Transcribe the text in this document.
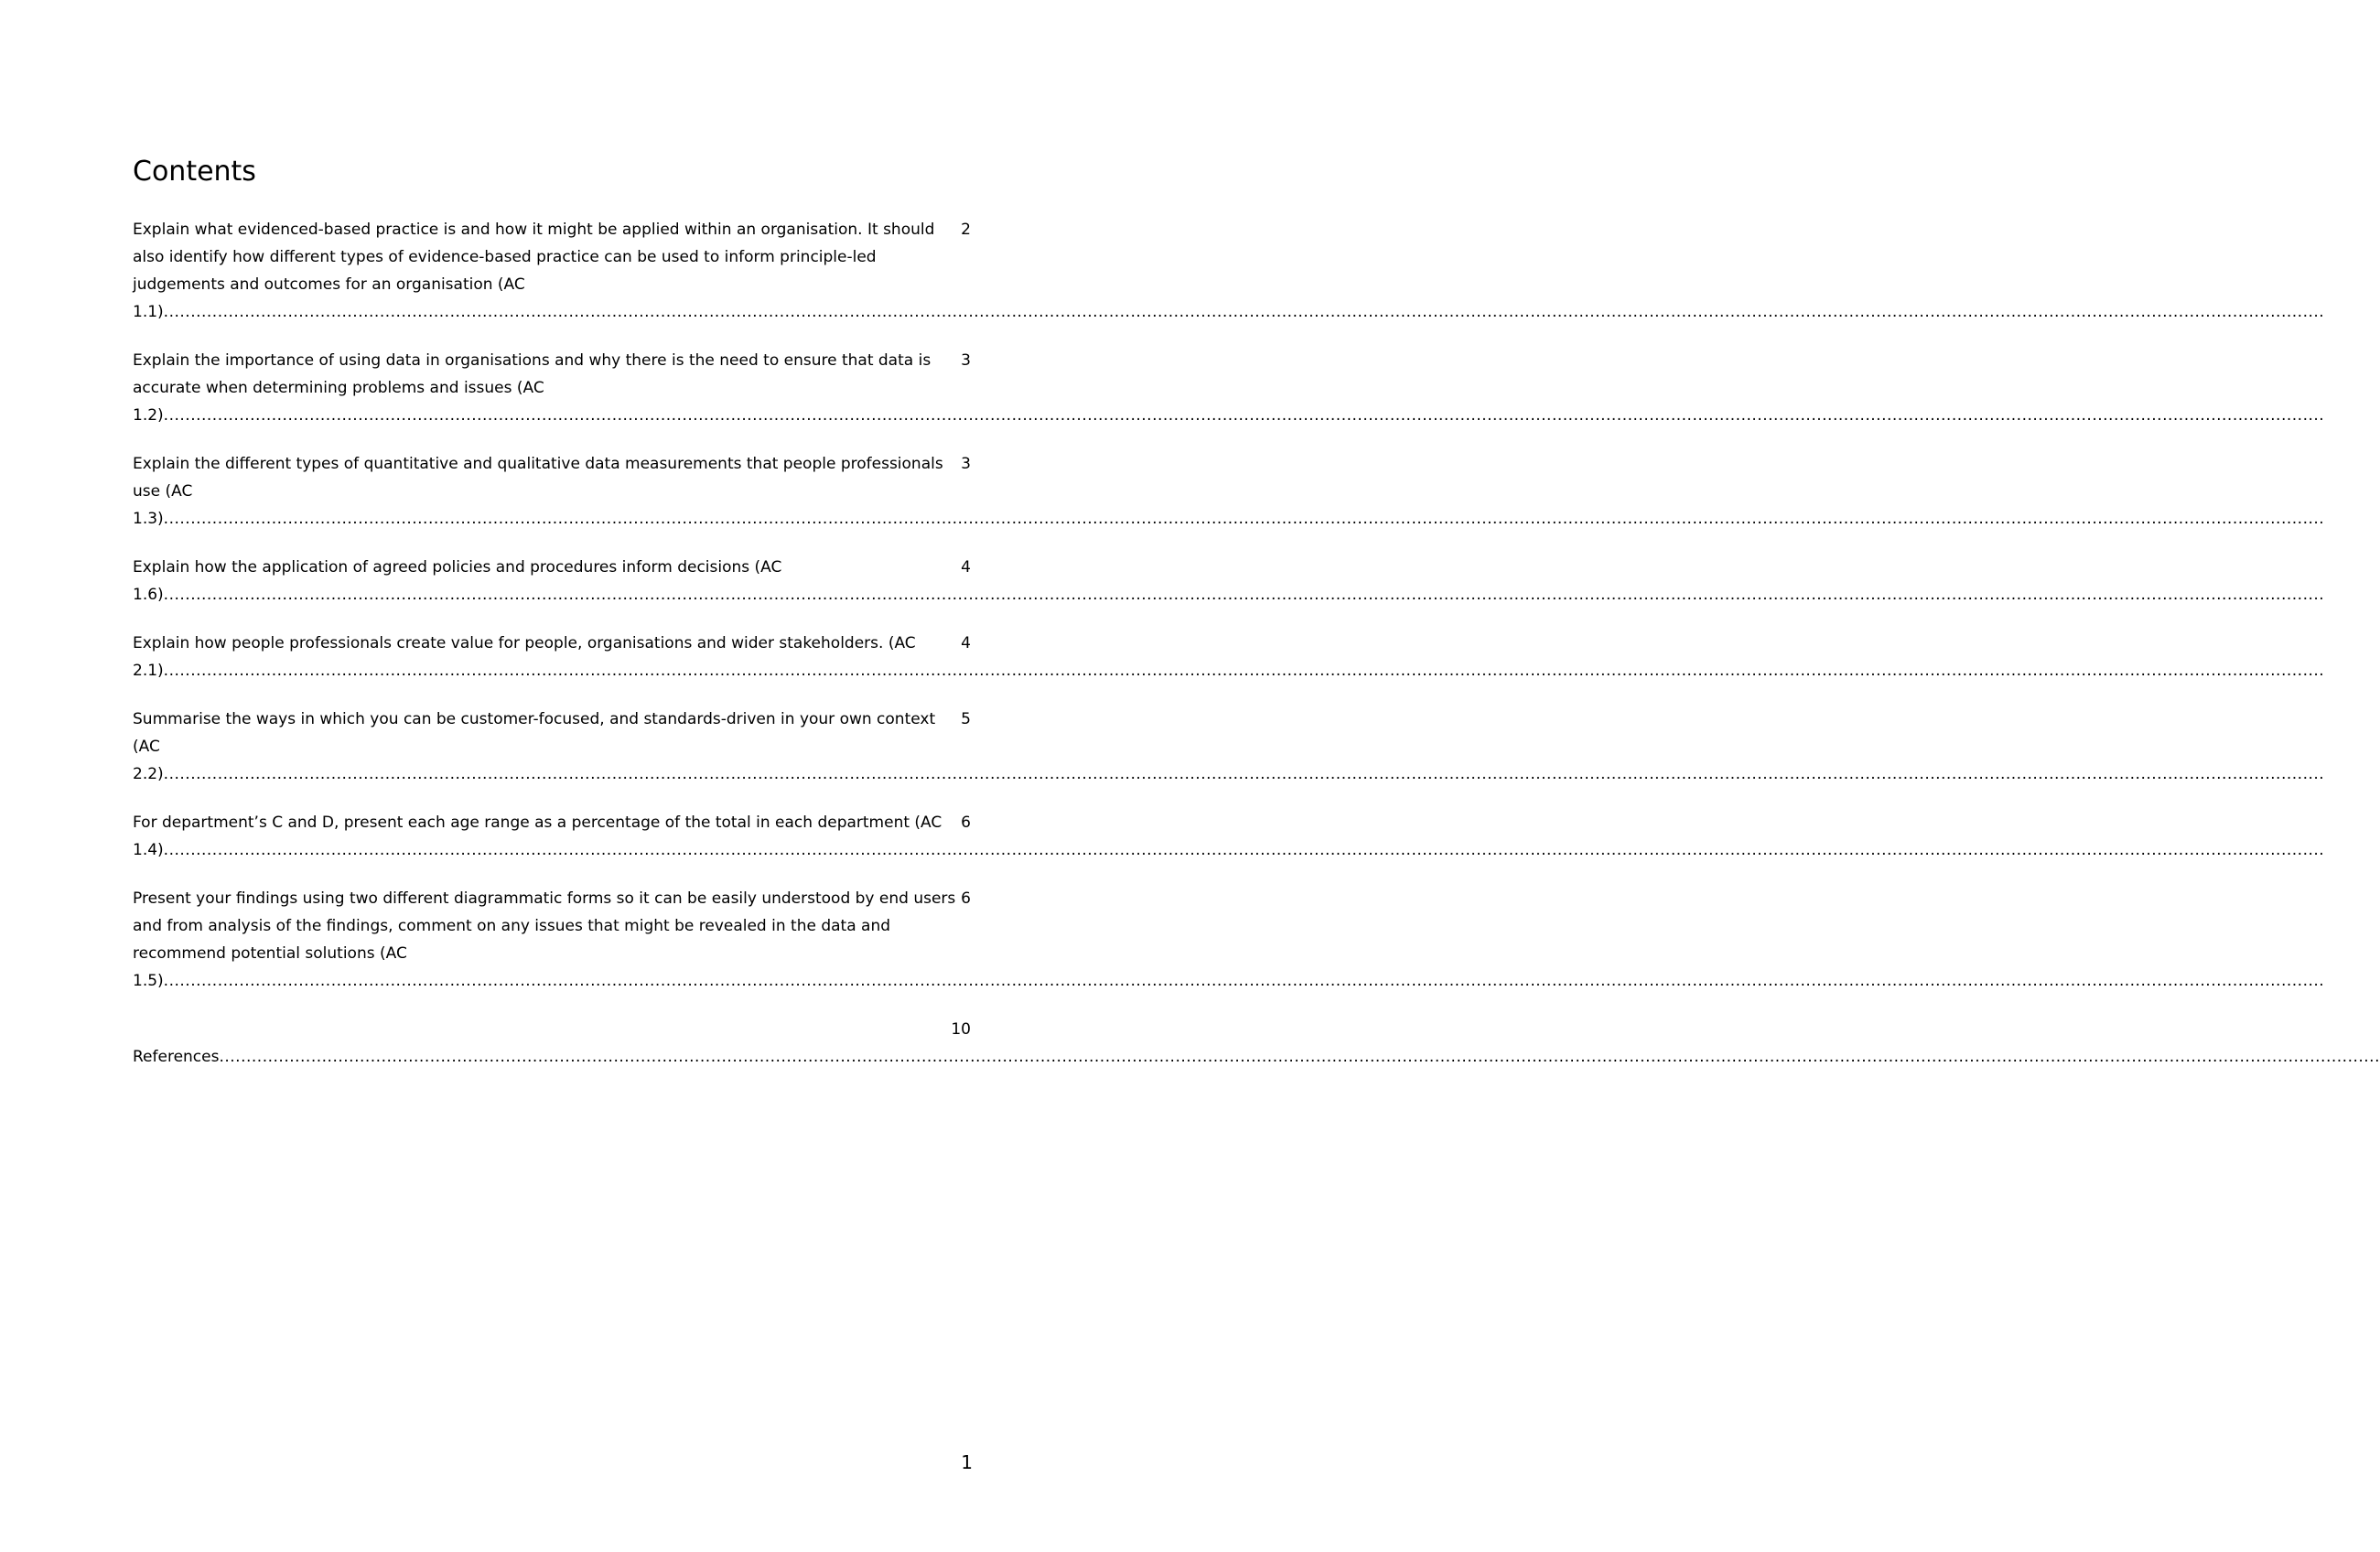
Contents
2
Explain what evidenced-based practice is and how it might be applied within an organisation. It should also identify how different types of evidence-based practice can be used to inform principle-led judgements and outcomes for an organisation (AC 1.1)................................................................................................................................................................................................................................................................................................................................................................................................................
3
Explain the importance of using data in organisations and why there is the need to ensure that data is accurate when determining problems and issues (AC 1.2)................................................................................................................................................................................................................................................................................................................................................................................................................
3
Explain the different types of quantitative and qualitative data measurements that people professionals use (AC 1.3)................................................................................................................................................................................................................................................................................................................................................................................................................
4
Explain how the application of agreed policies and procedures inform decisions (AC 1.6)................................................................................................................................................................................................................................................................................................................................................................................................................
4
Explain how people professionals create value for people, organisations and wider stakeholders. (AC 2.1)................................................................................................................................................................................................................................................................................................................................................................................................................
5
Summarise the ways in which you can be customer-focused, and standards-driven in your own context (AC 2.2)................................................................................................................................................................................................................................................................................................................................................................................................................
6
For department’s C and D, present each age range as a percentage of the total in each department (AC 1.4)................................................................................................................................................................................................................................................................................................................................................................................................................
6
Present your findings using two different diagrammatic forms so it can be easily understood by end users and from analysis of the findings, comment on any issues that might be revealed in the data and recommend potential solutions (AC 1.5)................................................................................................................................................................................................................................................................................................................................................................................................................
10
References................................................................................................................................................................................................................................................................................................................................................................................................................
1
